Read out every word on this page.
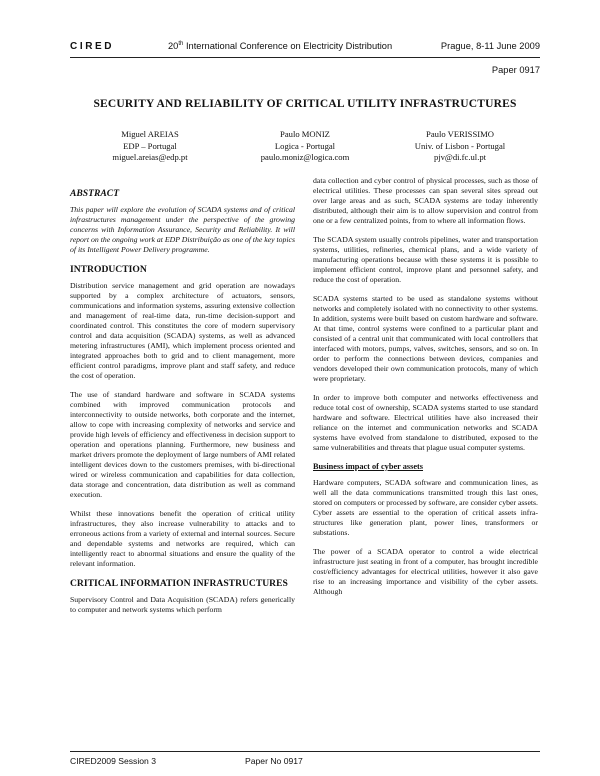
CIRED	20th International Conference on Electricity Distribution	Prague, 8-11 June 2009
Paper 0917
SECURITY AND RELIABILITY OF CRITICAL UTILITY INFRASTRUCTURES
Miguel AREIAS
EDP – Portugal
miguel.areias@edp.pt
Paulo MONIZ
Logica - Portugal
paulo.moniz@logica.com
Paulo VERISSIMO
Univ. of Lisbon - Portugal
pjv@di.fc.ul.pt
ABSTRACT

This paper will explore the evolution of SCADA systems and of critical infrastructures management under the perspective of the growing concerns with Information Assurance, Security and Reliability. It will report on the ongoing work at EDP Distribuição as one of the key topics of its Intelligent Power Delivery programme.

INTRODUCTION

Distribution service management and grid operation are nowadays supported by a complex architecture of actuators, sensors, communications and information systems, assuring extensive collection and management of real-time data, run-time decision-support and coordinated control. This constitutes the core of modern supervisory control and data acquisition (SCADA) systems, as well as advanced metering infrastructures (AMI), which implement process oriented and integrated approaches both to grid and to client management, more efficient control paradigms, improve plant and staff safety, and reduce the cost of operation.

The use of standard hardware and software in SCADA systems combined with improved communication protocols and interconnectivity to outside networks, both corporate and the internet, allow to cope with increasing complexity of networks and service and provide high levels of efficiency and effectiveness in decision support to operation and operations planning. Furthermore, new business and market drivers promote the deployment of large numbers of AMI related intelligent devices down to the customers premises, with bi-directional wired or wireless communication and capabilities for data collection, data storage and concentration, data distribution as well as command execution.

Whilst these innovations benefit the operation of critical utility infrastructures, they also increase vulnerability to attacks and to erroneous actions from a variety of external and internal sources. Secure and dependable systems and networks are required, which can intelligently react to abnormal situations and ensure the quality of the relevant information.

CRITICAL INFORMATION INFRASTRUCTURES

Supervisory Control and Data Acquisition (SCADA) refers generically to computer and network systems which perform

data collection and cyber control of physical processes, such as those of electrical utilities. These processes can span several sites spread out over large areas and as such, SCADA systems are today inherently distributed, although their aim is to allow supervision and control from one or a few centralized points, from to where all information flows.

The SCADA system usually controls pipelines, water and transportation systems, utilities, refineries, chemical plans, and a wide variety of manufacturing operations because with these systems it is possible to implement efficient control, improve plant and personnel safety, and reduce the cost of operation.

SCADA systems started to be used as standalone systems without networks and completely isolated with no connectivity to other systems. In addition, systems were built based on custom hardware and software. At that time, control systems were confined to a particular plant and consisted of a central unit that communicated with local controllers that interfaced with motors, pumps, valves, switches, sensors, and so on. In order to perform the connections between devices, companies and vendors developed their own communication protocols, many of which were proprietary.

In order to improve both computer and networks effectiveness and reduce total cost of ownership, SCADA systems started to use standard hardware and software. Electrical utilities have also increased their reliance on the internet and communication networks and SCADA systems have evolved from standalone to distributed, exposed to the same vulnerabilities and threats that plague usual computer systems.

Business impact of cyber assets

Hardware computers, SCADA software and communication lines, as well all the data communications transmitted trough this last ones, stored on computers or processed by software, are consider cyber assets. Cyber assets are essential to the operation of critical assets infra-structures like generation plant, power lines, transformers or substations.

The power of a SCADA operator to control a wide electrical infrastructure just seating in front of a computer, has brought incredible cost/efficiency advantages for electrical utilities, however it also gave rise to an increasing importance and visibility of the cyber assets. Although

CIRED2009 Session 3	Paper No 0917
